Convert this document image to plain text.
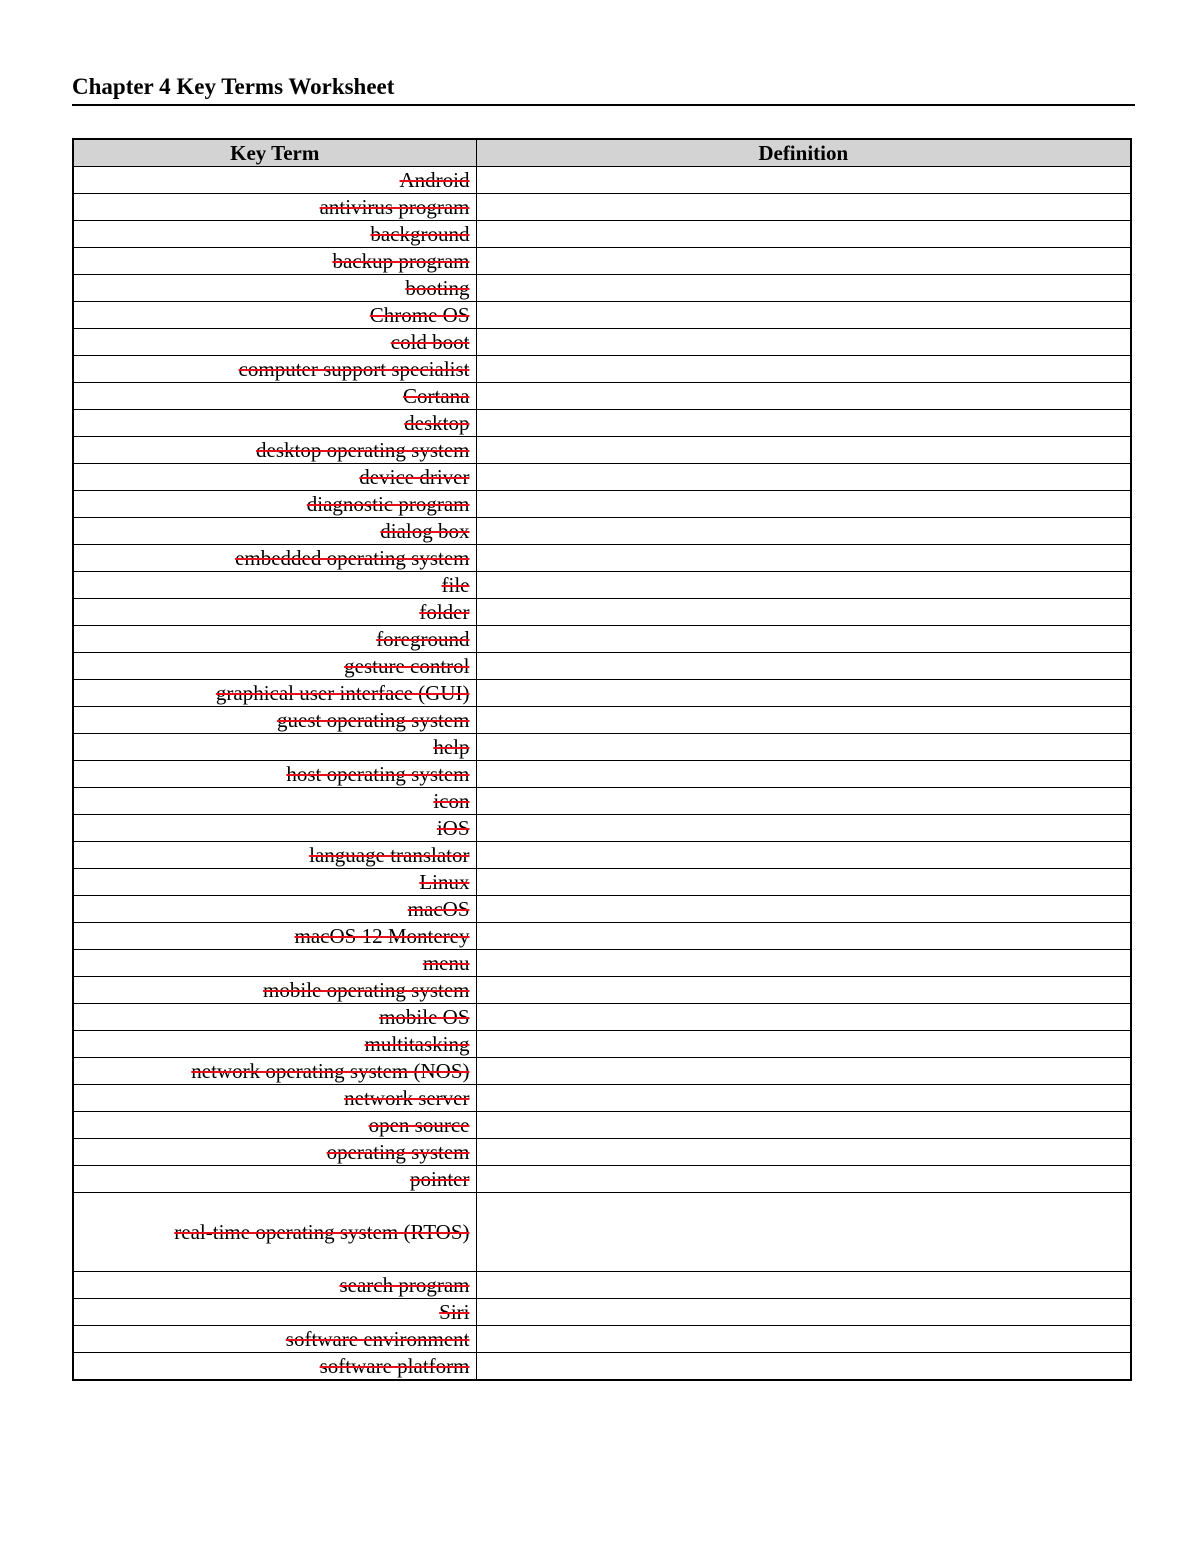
Chapter 4 Key Terms Worksheet
Key Term	Definition
Android	
antivirus program	
background	
backup program	
booting	
Chrome OS	
cold boot	
computer support specialist	
Cortana	
desktop	
desktop operating system	
device driver	
diagnostic program	
dialog box	
embedded operating system	
file	
folder	
foreground	
gesture control	
graphical user interface (GUI)	
guest operating system	
help	
host operating system	
icon	
iOS	
language translator	
Linux	
macOS	
macOS 12 Monterey	
menu	
mobile operating system	
mobile OS	
multitasking	
network operating system (NOS)	
network server	
open source	
operating system	
pointer	
real-time operating system (RTOS)	
search program	
Siri	
software environment	
software platform	
